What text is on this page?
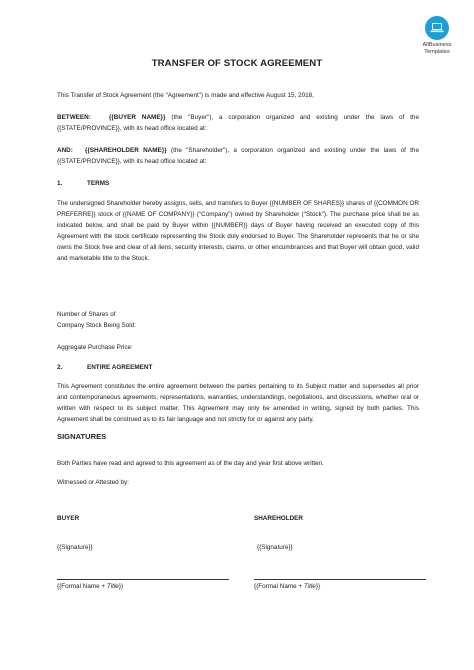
AllBusiness
Templates
TRANSFER OF STOCK AGREEMENT
This Transfer of Stock Agreement (the “Agreement”) is made and effective August 15, 2018,
BETWEEN:	{{BUYER NAME}} (the "Buyer"), a corporation organized and existing under the laws of the {{STATE/PROVINCE}}, with its head office located at:
AND: {{SHAREHOLDER NAME}} (the "Shareholder"), a corporation organized and existing under the laws of the {{STATE/PROVINCE}}, with its head office located at:
1.	TERMS
The undersigned Shareholder hereby assigns, sells, and transfers to Buyer {{NUMBER OF SHARES}} shares of {{COMMON OR PREFERRE}} stock of {{NAME OF COMPANY}} (“Company”) owned by Shareholder (“Stock”). The purchase price shall be as indicated below, and shall be paid by Buyer within {{NUMBER}} days of Buyer having received an executed copy of this Agreement with the stock certificate representing the Stock duly endorsed to Buyer. The Shareholder represents that he or she owns the Stock free and clear of all liens, security interests, claims, or other encumbrances and that Buyer will obtain good, valid and marketable title to the Stock.
Number of Shares of
Company Stock Being Sold:
Aggregate Purchase Price:
2.	ENTIRE AGREEMENT
This Agreement constitutes the entire agreement between the parties pertaining to its Subject matter and supersedes all prior and contemporaneous agreements, representations, warranties, understandings, negotiations, and discussions, whether oral or written with respect to its subject matter. This Agreement may only be amended in writing, signed by both parties. This Agreement shall be construed as to its fair language and not strictly for or against any party.
SIGNATURES
Both Parties have read and agreed to this agreement as of the day and year first above written.
Witnessed or Attested by:
BUYER	SHAREHOLDER
{{Signature}}	{{Signature}}
{{Formal Name + Title}}	{{Formal Name + Title}}
